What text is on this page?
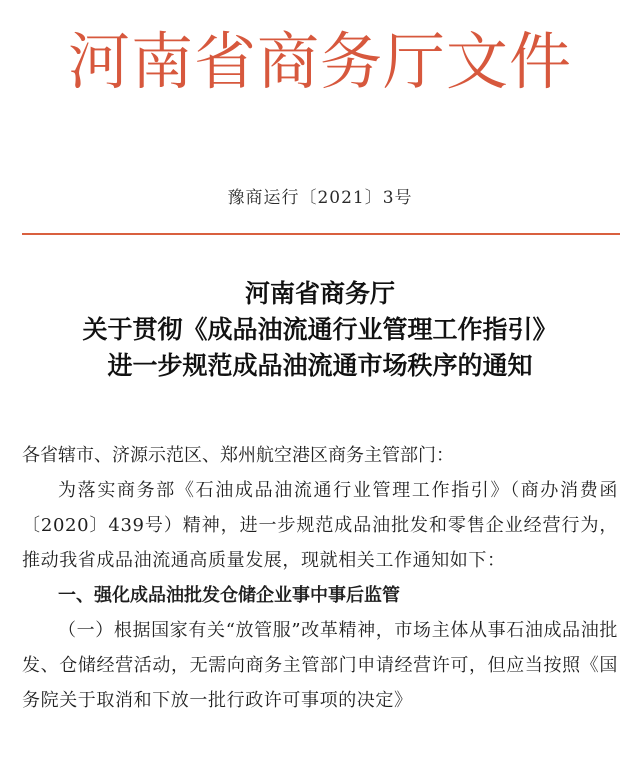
河南省商务厅文件
豫商运行〔2021〕3号
河南省商务厅
关于贯彻《成品油流通行业管理工作指引》
进一步规范成品油流通市场秩序的通知

各省辖市、济源示范区、郑州航空港区商务主管部门：

为落实商务部《石油成品油流通行业管理工作指引》（商办消费函〔2020〕439号）精神，进一步规范成品油批发和零售企业经营行为，推动我省成品油流通高质量发展，现就相关工作通知如下：

一、强化成品油批发仓储企业事中事后监管

（一）根据国家有关“放管服”改革精神，市场主体从事石油成品油批发、仓储经营活动，无需向商务主管部门申请经营许可，但应当按照《国务院关于取消和下放一批行政许可事项的决定》
